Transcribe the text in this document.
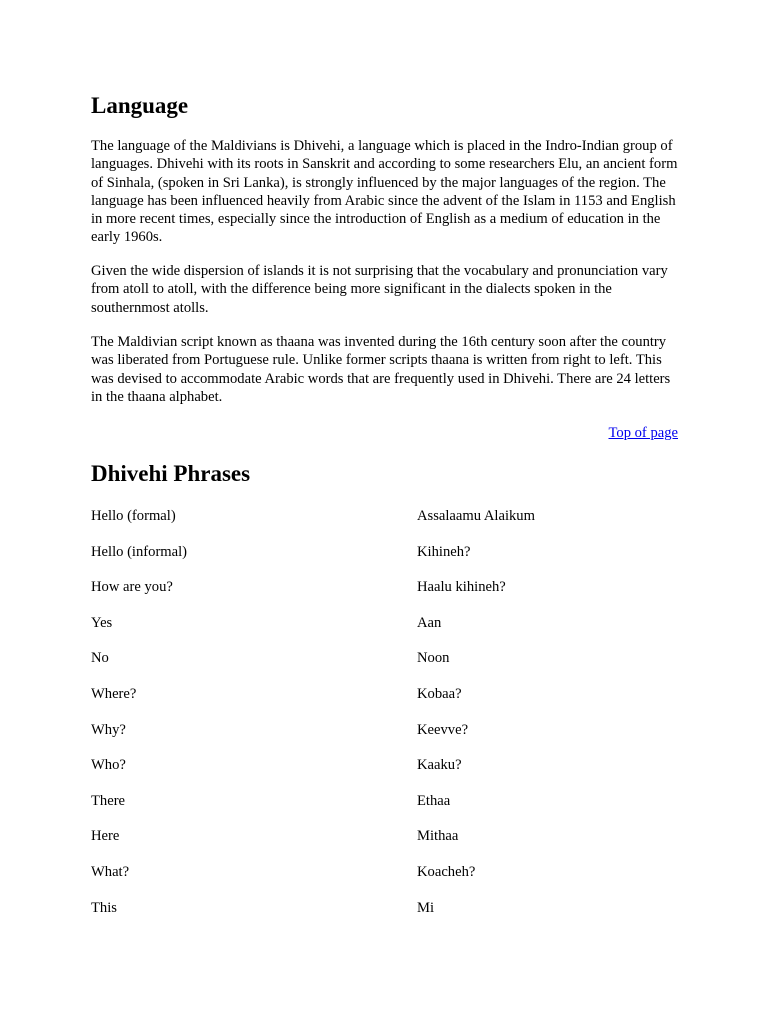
Language

The language of the Maldivians is Dhivehi, a language which is placed in the Indro-Indian group of languages. Dhivehi with its roots in Sanskrit and according to some researchers Elu, an ancient form of Sinhala, (spoken in Sri Lanka), is strongly influenced by the major languages of the region. The language has been influenced heavily from Arabic since the advent of the Islam in 1153 and English in more recent times, especially since the introduction of English as a medium of education in the early 1960s.

Given the wide dispersion of islands it is not surprising that the vocabulary and pronunciation vary from atoll to atoll, with the difference being more significant in the dialects spoken in the southernmost atolls.

The Maldivian script known as thaana was invented during the 16th century soon after the country was liberated from Portuguese rule. Unlike former scripts thaana is written from right to left. This was devised to accommodate Arabic words that are frequently used in Dhivehi. There are 24 letters in the thaana alphabet.

Top of page
Dhivehi Phrases
Hello (formal)	Assalaamu Alaikum
Hello (informal)	Kihineh?
How are you?	Haalu kihineh?
Yes	Aan
No	Noon
Where?	Kobaa?
Why?	Keevve?
Who?	Kaaku?
There	Ethaa
Here	Mithaa
What?	Koacheh?
This	Mi
